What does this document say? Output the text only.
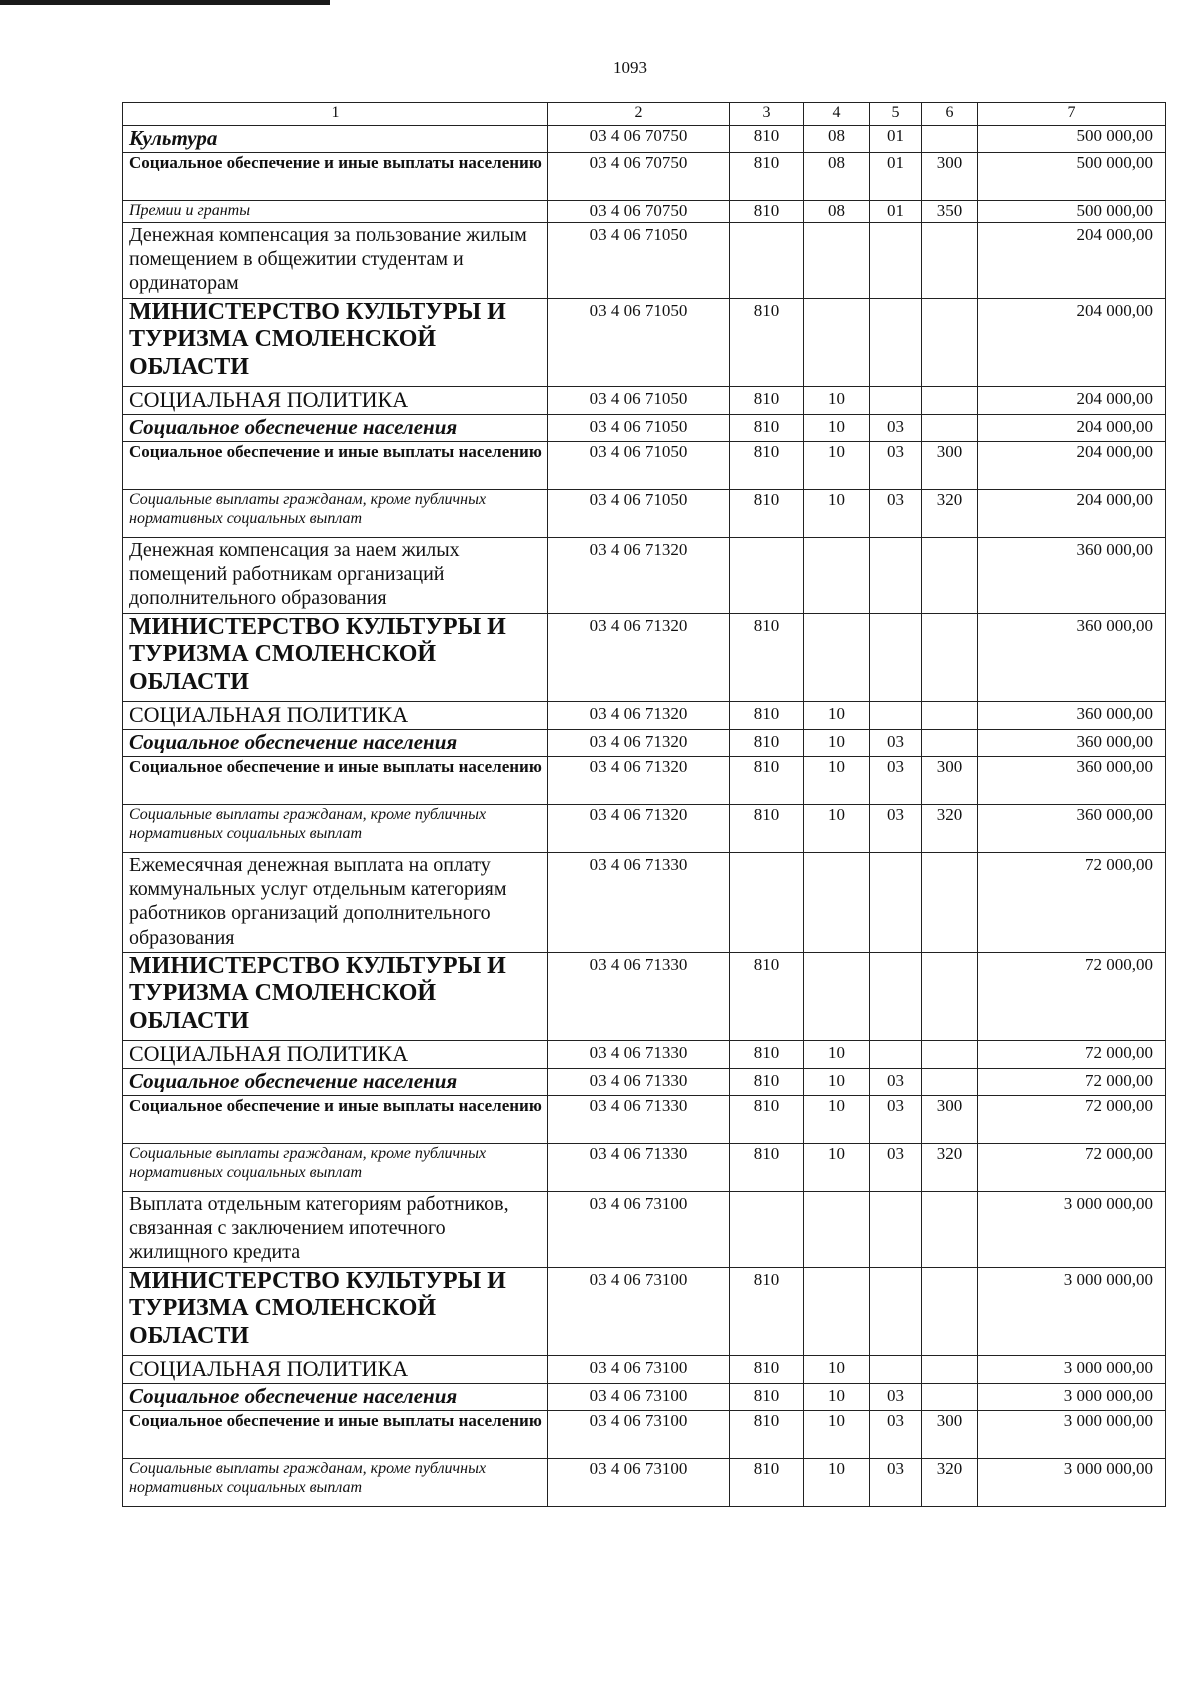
1093
1	2	3	4	5	6	7
Культура	03 4 06 70750	810	08	01		500 000,00
Социальное обеспечение и иные выплаты населению	03 4 06 70750	810	08	01	300	500 000,00
Премии и гранты	03 4 06 70750	810	08	01	350	500 000,00
Денежная компенсация за пользование жилым помещением в общежитии студентам и ординаторам	03 4 06 71050					204 000,00
МИНИСТЕРСТВО КУЛЬТУРЫ И ТУРИЗМА СМОЛЕНСКОЙ ОБЛАСТИ	03 4 06 71050	810				204 000,00
СОЦИАЛЬНАЯ ПОЛИТИКА	03 4 06 71050	810	10			204 000,00
Социальное обеспечение населения	03 4 06 71050	810	10	03		204 000,00
Социальное обеспечение и иные выплаты населению	03 4 06 71050	810	10	03	300	204 000,00
Социальные выплаты гражданам, кроме публичных нормативных социальных выплат	03 4 06 71050	810	10	03	320	204 000,00
Денежная компенсация за наем жилых помещений работникам организаций дополнительного образования	03 4 06 71320					360 000,00
МИНИСТЕРСТВО КУЛЬТУРЫ И ТУРИЗМА СМОЛЕНСКОЙ ОБЛАСТИ	03 4 06 71320	810				360 000,00
СОЦИАЛЬНАЯ ПОЛИТИКА	03 4 06 71320	810	10			360 000,00
Социальное обеспечение населения	03 4 06 71320	810	10	03		360 000,00
Социальное обеспечение и иные выплаты населению	03 4 06 71320	810	10	03	300	360 000,00
Социальные выплаты гражданам, кроме публичных нормативных социальных выплат	03 4 06 71320	810	10	03	320	360 000,00
Ежемесячная денежная выплата на оплату коммунальных услуг отдельным категориям работников организаций дополнительного образования	03 4 06 71330					72 000,00
МИНИСТЕРСТВО КУЛЬТУРЫ И ТУРИЗМА СМОЛЕНСКОЙ ОБЛАСТИ	03 4 06 71330	810				72 000,00
СОЦИАЛЬНАЯ ПОЛИТИКА	03 4 06 71330	810	10			72 000,00
Социальное обеспечение населения	03 4 06 71330	810	10	03		72 000,00
Социальное обеспечение и иные выплаты населению	03 4 06 71330	810	10	03	300	72 000,00
Социальные выплаты гражданам, кроме публичных нормативных социальных выплат	03 4 06 71330	810	10	03	320	72 000,00
Выплата отдельным категориям работников, связанная с заключением ипотечного жилищного кредита	03 4 06 73100					3 000 000,00
МИНИСТЕРСТВО КУЛЬТУРЫ И ТУРИЗМА СМОЛЕНСКОЙ ОБЛАСТИ	03 4 06 73100	810				3 000 000,00
СОЦИАЛЬНАЯ ПОЛИТИКА	03 4 06 73100	810	10			3 000 000,00
Социальное обеспечение населения	03 4 06 73100	810	10	03		3 000 000,00
Социальное обеспечение и иные выплаты населению	03 4 06 73100	810	10	03	300	3 000 000,00
Социальные выплаты гражданам, кроме публичных нормативных социальных выплат	03 4 06 73100	810	10	03	320	3 000 000,00
